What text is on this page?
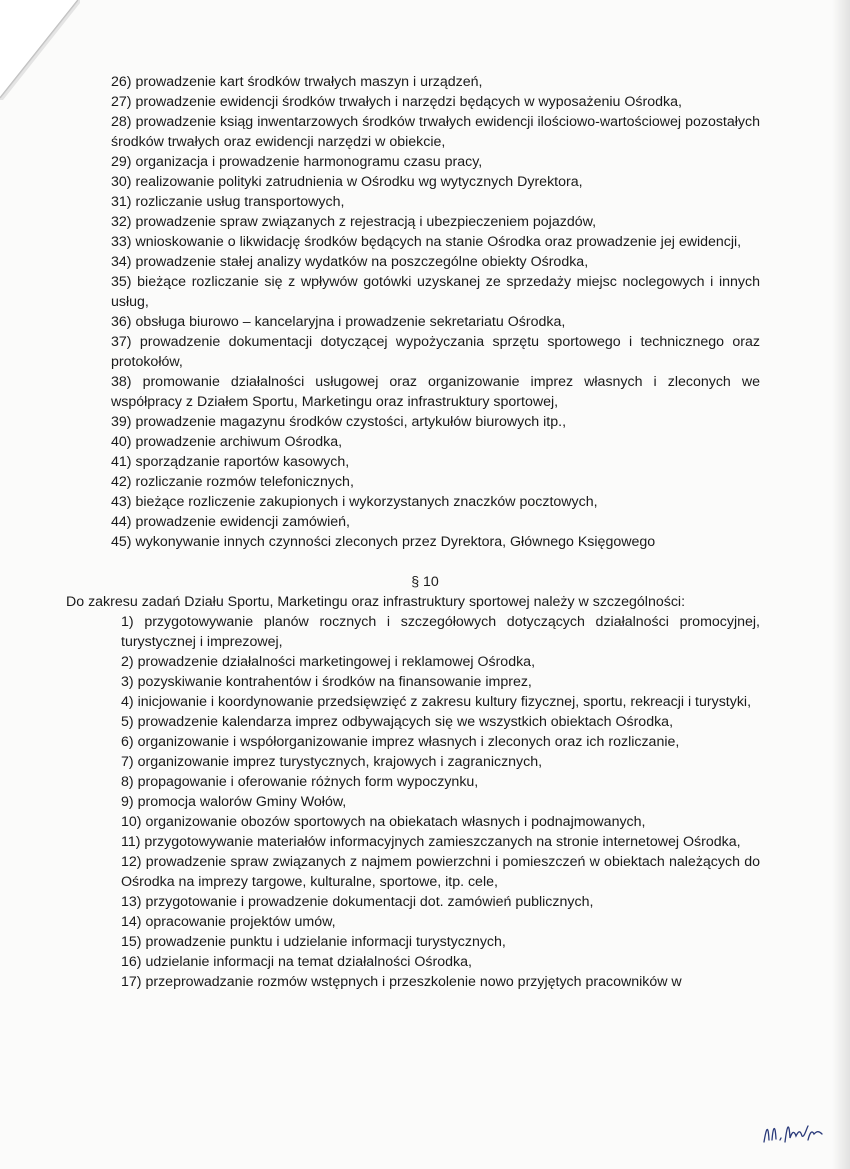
26) prowadzenie kart środków trwałych maszyn i urządzeń,
27) prowadzenie ewidencji środków trwałych i narzędzi będących w wyposażeniu Ośrodka,
28) prowadzenie ksiąg inwentarzowych środków trwałych ewidencji ilościowo-wartościowej pozostałych środków trwałych oraz ewidencji narzędzi w obiekcie,
29) organizacja i prowadzenie harmonogramu czasu pracy,
30) realizowanie polityki zatrudnienia w Ośrodku wg wytycznych Dyrektora,
31) rozliczanie usług transportowych,
32) prowadzenie spraw związanych z rejestracją i ubezpieczeniem pojazdów,
33) wnioskowanie o likwidację środków będących na stanie Ośrodka oraz prowadzenie jej ewidencji,
34) prowadzenie stałej analizy wydatków na poszczególne obiekty Ośrodka,
35) bieżące rozliczanie się z wpływów gotówki uzyskanej ze sprzedaży miejsc noclegowych i innych usług,
36) obsługa biurowo – kancelaryjna i prowadzenie sekretariatu Ośrodka,
37) prowadzenie dokumentacji dotyczącej wypożyczania sprzętu sportowego i technicznego oraz protokołów,
38) promowanie działalności usługowej oraz organizowanie imprez własnych i zleconych we współpracy z Działem Sportu, Marketingu oraz infrastruktury sportowej,
39) prowadzenie magazynu środków czystości, artykułów biurowych itp.,
40) prowadzenie archiwum Ośrodka,
41) sporządzanie raportów kasowych,
42) rozliczanie rozmów telefonicznych,
43) bieżące rozliczenie zakupionych i wykorzystanych znaczków pocztowych,
44) prowadzenie ewidencji zamówień,
45) wykonywanie innych czynności zleconych przez Dyrektora, Głównego Księgowego
§ 10
Do zakresu zadań Działu Sportu, Marketingu oraz infrastruktury sportowej należy w szczególności:
1) przygotowywanie planów rocznych i szczegółowych dotyczących działalności promocyjnej, turystycznej i imprezowej,
2) prowadzenie działalności marketingowej i reklamowej Ośrodka,
3) pozyskiwanie kontrahentów i środków na finansowanie imprez,
4) inicjowanie i koordynowanie przedsięwzięć z zakresu kultury fizycznej, sportu, rekreacji i turystyki,
5) prowadzenie kalendarza imprez odbywających się we wszystkich obiektach Ośrodka,
6) organizowanie i współorganizowanie imprez własnych i zleconych oraz ich rozliczanie,
7) organizowanie imprez turystycznych, krajowych i zagranicznych,
8) propagowanie i oferowanie różnych form wypoczynku,
9) promocja walorów Gminy Wołów,
10) organizowanie obozów sportowych na obiekatach własnych i podnajmowanych,
11) przygotowywanie materiałów informacyjnych zamieszczanych na stronie internetowej Ośrodka,
12) prowadzenie spraw związanych z najmem powierzchni i pomieszczeń w obiektach należących do Ośrodka na imprezy targowe, kulturalne, sportowe, itp. cele,
13) przygotowanie i prowadzenie dokumentacji dot. zamówień publicznych,
14) opracowanie projektów umów,
15) prowadzenie punktu i udzielanie informacji turystycznych,
16) udzielanie informacji na temat działalności Ośrodka,
17) przeprowadzanie rozmów wstępnych i przeszkolenie nowo przyjętych pracowników w
